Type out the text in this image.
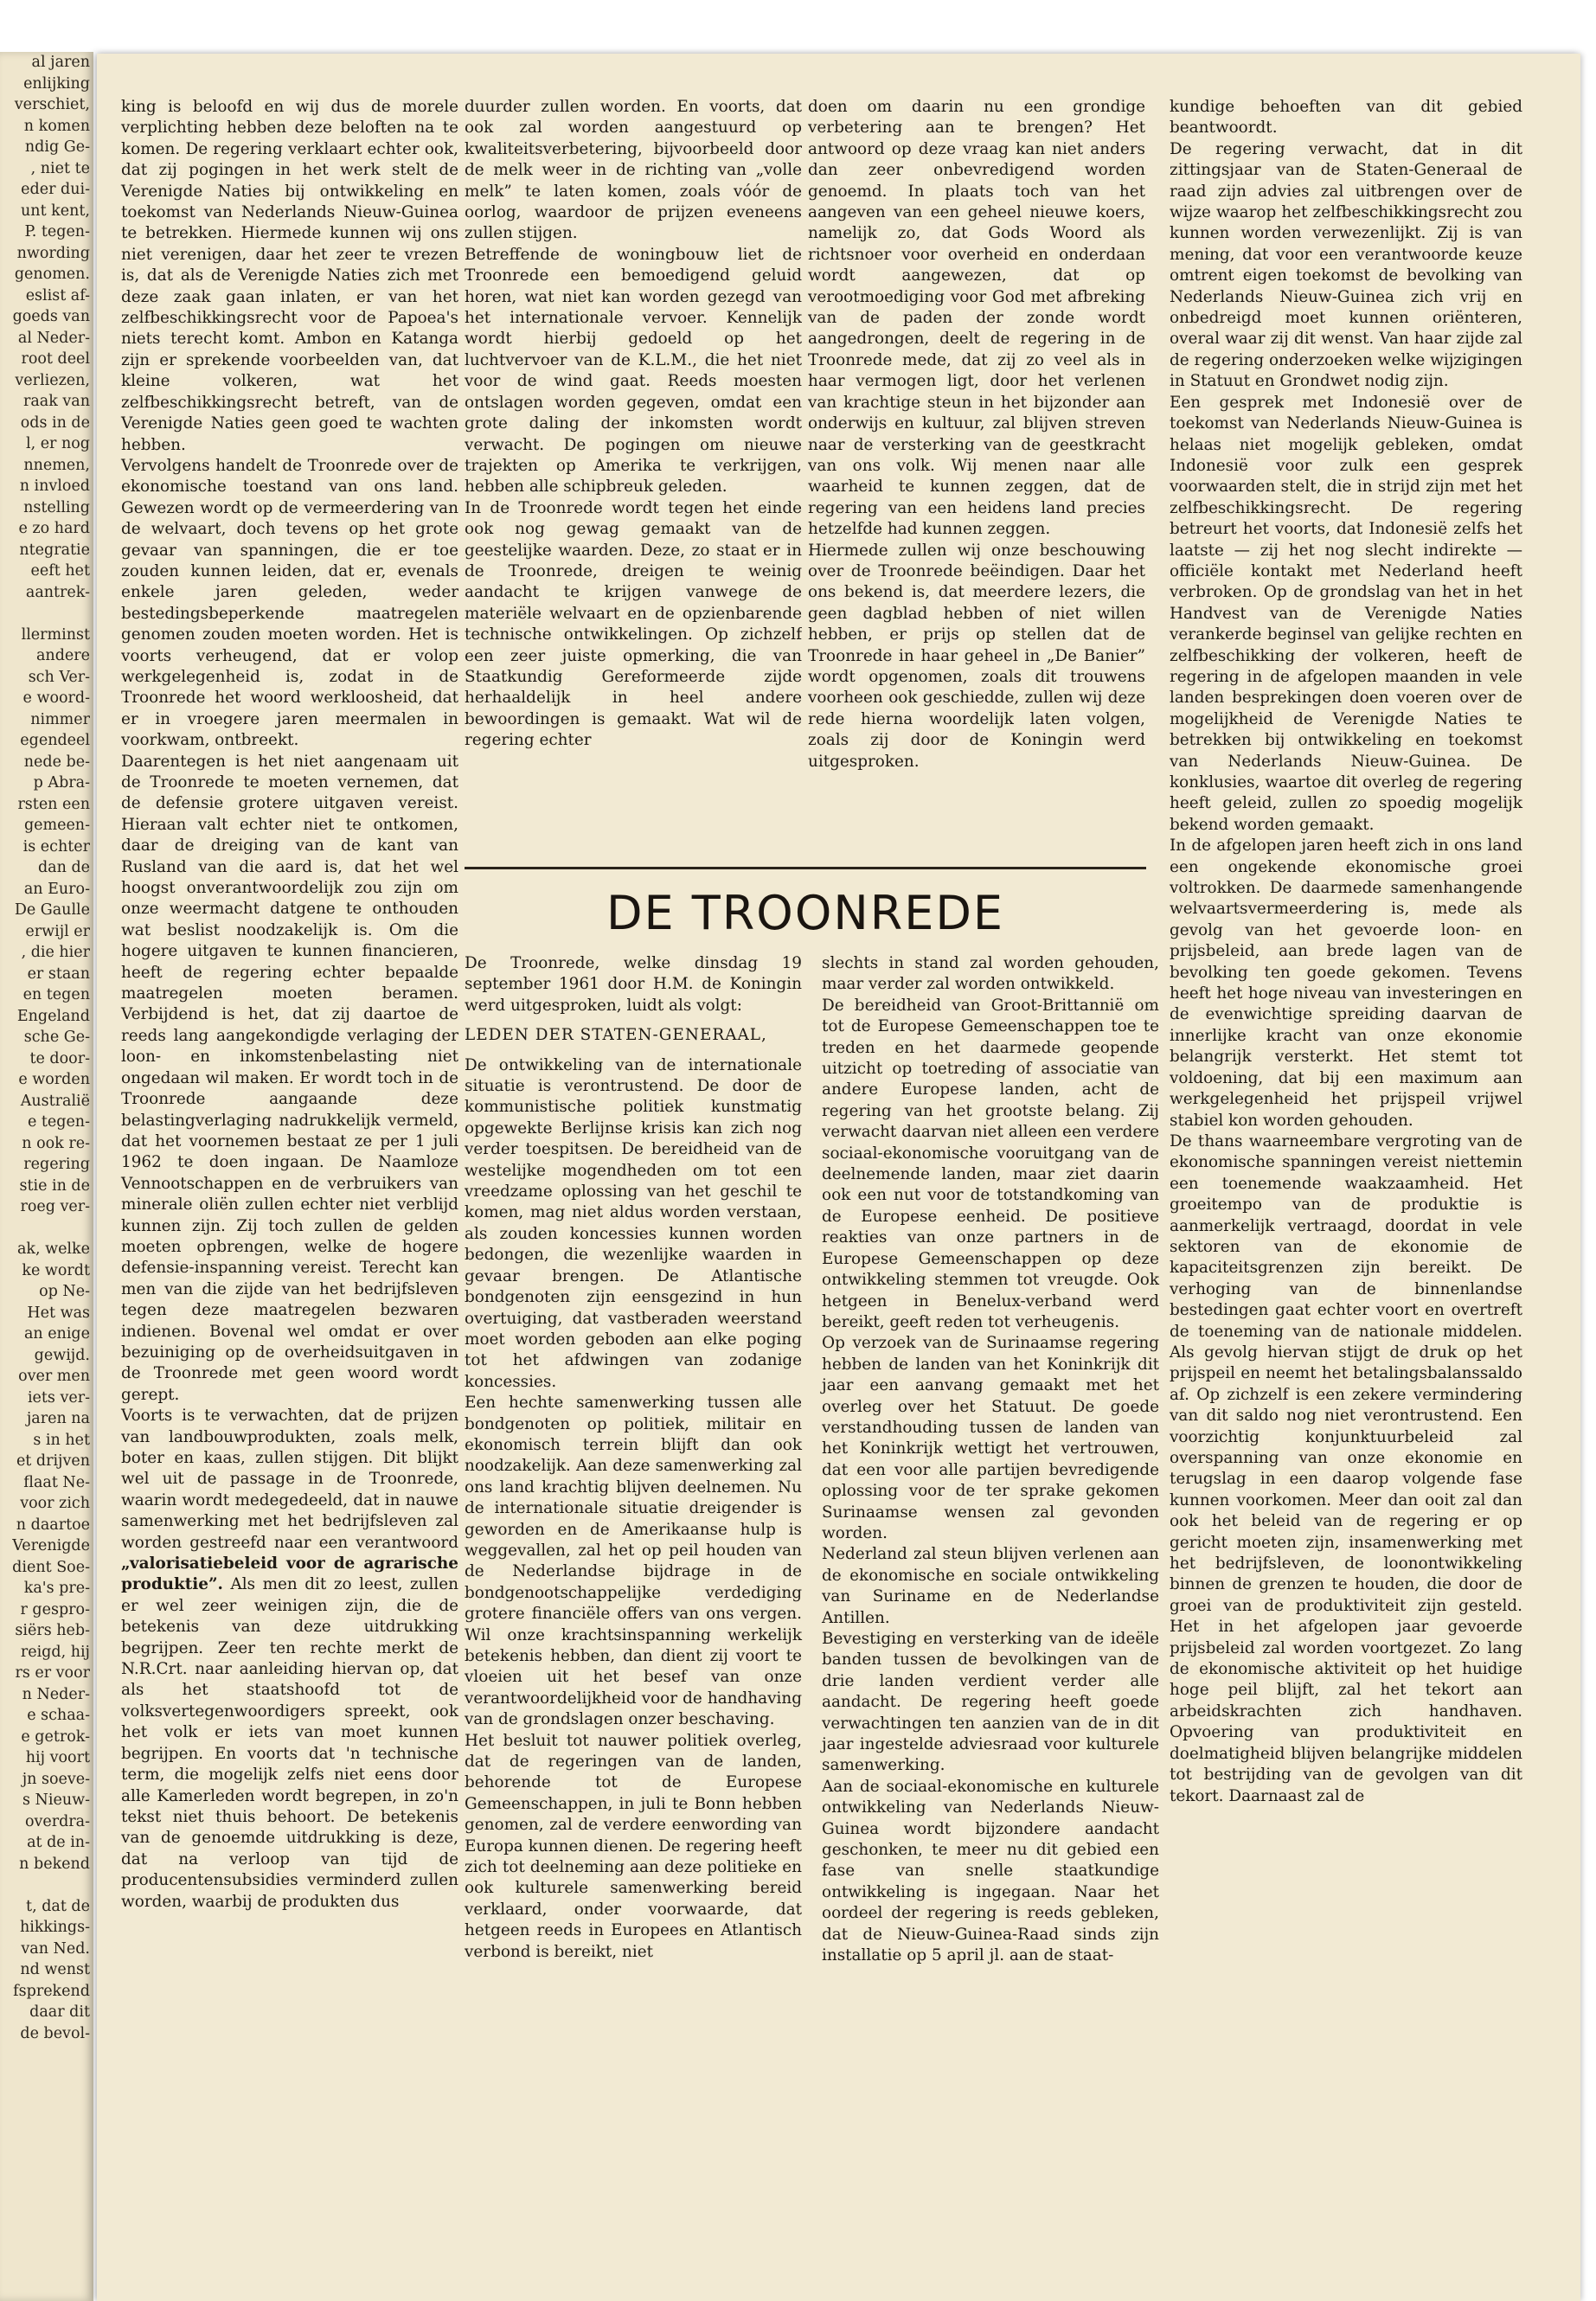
al jaren

enlijking

verschiet,

n komen

ndig Ge-

, niet te

eder dui-

unt kent,

P. tegen-

nwording

genomen.

eslist af-

goeds van

al Neder-

root deel

verliezen,

raak van

ods in de

l, er nog

nnemen,

n invloed

nstelling

e zo hard

ntegratie

eeft het

aantrek-

llerminst

andere

sch Ver-

e woord-

nimmer

egendeel

nede be-

p Abra-

rsten een

gemeen-

is echter

dan de

an Euro-

De Gaulle

erwijl er

, die hier

er staan

en tegen

Engeland

sche Ge-

te door-

e worden

Australië

e tegen-

n ook re-

regering

stie in de

roeg ver-

ak, welke

ke wordt

op Ne-

Het was

an enige

gewijd.

over men

iets ver-

jaren na

s in het

et drijven

flaat Ne-

voor zich

n daartoe

Verenigde

dient Soe-

ka's pre-

r gespro-

siërs heb-

reigd, hij

rs er voor

n Neder-

e schaa-

e getrok-

hij voort

jn soeve-

s Nieuw-

overdra-

at de in-

n bekend

t, dat de

hikkings-

van Ned.

nd wenst

fsprekend

daar dit

de bevol-

king is beloofd en wij dus de morele verplichting hebben deze beloften na te komen. De regering verklaart echter ook, dat zij pogingen in het werk stelt de Verenigde Naties bij ontwikkeling en toekomst van Nederlands Nieuw-Guinea te betrekken. Hiermede kunnen wij ons niet verenigen, daar het zeer te vrezen is, dat als de Verenigde Naties zich met deze zaak gaan inlaten, er van het zelfbeschikkingsrecht voor de Papoea's niets terecht komt. Ambon en Katanga zijn er sprekende voorbeelden van, dat kleine volkeren, wat het zelfbeschikkingsrecht betreft, van de Verenigde Naties geen goed te wachten hebben.

Vervolgens handelt de Troonrede over de ekonomische toestand van ons land. Gewezen wordt op de vermeerdering van de welvaart, doch tevens op het grote gevaar van spanningen, die er toe zouden kunnen leiden, dat er, evenals enkele jaren geleden, weder bestedingsbeperkende maatregelen genomen zouden moeten worden. Het is voorts verheugend, dat er volop werkgelegenheid is, zodat in de Troonrede het woord werkloosheid, dat er in vroegere jaren meermalen in voorkwam, ontbreekt.

Daarentegen is het niet aangenaam uit de Troonrede te moeten vernemen, dat de defensie grotere uitgaven vereist. Hieraan valt echter niet te ontkomen, daar de dreiging van de kant van Rusland van die aard is, dat het wel hoogst onverantwoordelijk zou zijn om onze weermacht datgene te onthouden wat beslist noodzakelijk is. Om die hogere uitgaven te kunnen financieren, heeft de regering echter bepaalde maatregelen moeten beramen. Verbijdend is het, dat zij daartoe de reeds lang aangekondigde verlaging der loon- en inkomstenbelasting niet ongedaan wil maken. Er wordt toch in de Troonrede aangaande deze belastingverlaging nadrukkelijk vermeld, dat het voornemen bestaat ze per 1 juli 1962 te doen ingaan. De Naamloze Vennootschappen en de verbruikers van minerale oliën zullen echter niet verblijd kunnen zijn. Zij toch zullen de gelden moeten opbrengen, welke de hogere defensie-inspanning vereist. Terecht kan men van die zijde van het bedrijfsleven tegen deze maatregelen bezwaren indienen. Bovenal wel omdat er over bezuiniging op de overheidsuitgaven in de Troonrede met geen woord wordt gerept.

Voorts is te verwachten, dat de prijzen van landbouwprodukten, zoals melk, boter en kaas, zullen stijgen. Dit blijkt wel uit de passage in de Troonrede, waarin wordt medegedeeld, dat in nauwe samenwerking met het bedrijfsleven zal worden gestreefd naar een verantwoord „valorisatiebeleid voor de agrarische produktie”. Als men dit zo leest, zullen er wel zeer weinigen zijn, die de betekenis van deze uitdrukking begrijpen. Zeer ten rechte merkt de N.R.Crt. naar aanleiding hiervan op, dat als het staatshoofd tot de volksvertegenwoordigers spreekt, ook het volk er iets van moet kunnen begrijpen. En voorts dat 'n technische term, die mogelijk zelfs niet eens door alle Kamerleden wordt begrepen, in zo'n tekst niet thuis behoort. De betekenis van de genoemde uitdrukking is deze, dat na verloop van tijd de producentensubsidies verminderd zullen worden, waarbij de produkten dus

duurder zullen worden. En voorts, dat ook zal worden aangestuurd op kwaliteitsverbetering, bijvoorbeeld door de melk weer in de richting van „volle melk” te laten komen, zoals vóór de oorlog, waardoor de prijzen eveneens zullen stijgen.

Betreffende de woningbouw liet de Troonrede een bemoedigend geluid horen, wat niet kan worden gezegd van het internationale vervoer. Kennelijk wordt hierbij gedoeld op het luchtvervoer van de K.L.M., die het niet voor de wind gaat. Reeds moesten ontslagen worden gegeven, omdat een grote daling der inkomsten wordt verwacht. De pogingen om nieuwe trajekten op Amerika te verkrijgen, hebben alle schipbreuk geleden.

In de Troonrede wordt tegen het einde ook nog gewag gemaakt van de geestelijke waarden. Deze, zo staat er in de Troonrede, dreigen te weinig aandacht te krijgen vanwege de materiële welvaart en de opzienbarende technische ontwikkelingen. Op zichzelf een zeer juiste opmerking, die van Staatkundig Gereformeerde zijde herhaaldelijk in heel andere bewoordingen is gemaakt. Wat wil de regering echter

doen om daarin nu een grondige verbetering aan te brengen? Het antwoord op deze vraag kan niet anders dan zeer onbevredigend worden genoemd. In plaats toch van het aangeven van een geheel nieuwe koers, namelijk zo, dat Gods Woord als richtsnoer voor overheid en onderdaan wordt aangewezen, dat op verootmoediging voor God met afbreking van de paden der zonde wordt aangedrongen, deelt de regering in de Troonrede mede, dat zij zo veel als in haar vermogen ligt, door het verlenen van krachtige steun in het bijzonder aan onderwijs en kultuur, zal blijven streven naar de versterking van de geestkracht van ons volk. Wij menen naar alle waarheid te kunnen zeggen, dat de regering van een heidens land precies hetzelfde had kunnen zeggen.

Hiermede zullen wij onze beschouwing over de Troonrede beëindigen. Daar het ons bekend is, dat meerdere lezers, die geen dagblad hebben of niet willen hebben, er prijs op stellen dat de Troonrede in haar geheel in „De Banier” wordt opgenomen, zoals dit trouwens voorheen ook geschiedde, zullen wij deze rede hierna woordelijk laten volgen, zoals zij door de Koningin werd uitgesproken.

kundige behoeften van dit gebied beantwoordt.

De regering verwacht, dat in dit zittingsjaar van de Staten-Generaal de raad zijn advies zal uitbrengen over de wijze waarop het zelfbeschikkingsrecht zou kunnen worden verwezenlijkt. Zij is van mening, dat voor een verantwoorde keuze omtrent eigen toekomst de bevolking van Nederlands Nieuw-Guinea zich vrij en onbedreigd moet kunnen oriënteren, overal waar zij dit wenst. Van haar zijde zal de regering onderzoeken welke wijzigingen in Statuut en Grondwet nodig zijn.

Een gesprek met Indonesië over de toekomst van Nederlands Nieuw-Guinea is helaas niet mogelijk gebleken, omdat Indonesië voor zulk een gesprek voorwaarden stelt, die in strijd zijn met het zelfbeschikkingsrecht. De regering betreurt het voorts, dat Indonesië zelfs het laatste — zij het nog slecht indirekte — officiële kontakt met Nederland heeft verbroken. Op de grondslag van het in het Handvest van de Verenigde Naties verankerde beginsel van gelijke rechten en zelfbeschikking der volkeren, heeft de regering in de afgelopen maanden in vele landen besprekingen doen voeren over de mogelijkheid de Verenigde Naties te betrekken bij ontwikkeling en toekomst van Nederlands Nieuw-Guinea. De konklusies, waartoe dit overleg de regering heeft geleid, zullen zo spoedig mogelijk bekend worden gemaakt.

In de afgelopen jaren heeft zich in ons land een ongekende ekonomische groei voltrokken. De daarmede samenhangende welvaartsvermeerdering is, mede als gevolg van het gevoerde loon- en prijsbeleid, aan brede lagen van de bevolking ten goede gekomen. Tevens heeft het hoge niveau van investeringen en de evenwichtige spreiding daarvan de innerlijke kracht van onze ekonomie belangrijk versterkt. Het stemt tot voldoening, dat bij een maximum aan werkgelegenheid het prijspeil vrijwel stabiel kon worden gehouden.

De thans waarneembare vergroting van de ekonomische spanningen vereist niettemin een toenemende waakzaamheid. Het groeitempo van de produktie is aanmerkelijk vertraagd, doordat in vele sektoren van de ekonomie de kapaciteitsgrenzen zijn bereikt. De verhoging van de binnenlandse bestedingen gaat echter voort en overtreft de toeneming van de nationale middelen. Als gevolg hiervan stijgt de druk op het prijspeil en neemt het betalingsbalanssaldo af. Op zichzelf is een zekere vermindering van dit saldo nog niet verontrustend. Een voorzichtig konjunktuurbeleid zal overspanning van onze ekonomie en terugslag in een daarop volgende fase kunnen voorkomen. Meer dan ooit zal dan ook het beleid van de regering er op gericht moeten zijn, insamenwerking met het bedrijfsleven, de loonontwikkeling binnen de grenzen te houden, die door de groei van de produktiviteit zijn gesteld. Het in het afgelopen jaar gevoerde prijsbeleid zal worden voortgezet. Zo lang de ekonomische aktiviteit op het huidige hoge peil blijft, zal het tekort aan arbeidskrachten zich handhaven. Opvoering van produktiviteit en doelmatigheid blijven belangrijke middelen tot bestrijding van de gevolgen van dit tekort. Daarnaast zal de

DE TROONREDE

De Troonrede, welke dinsdag 19 september 1961 door H.M. de Koningin werd uitgesproken, luidt als volgt:

LEDEN DER STATEN-GENERAAL,

De ontwikkeling van de internationale situatie is verontrustend. De door de kommunistische politiek kunstmatig opgewekte Berlijnse krisis kan zich nog verder toespitsen. De bereidheid van de westelijke mogendheden om tot een vreedzame oplossing van het geschil te komen, mag niet aldus worden verstaan, als zouden koncessies kunnen worden bedongen, die wezenlijke waarden in gevaar brengen. De Atlantische bondgenoten zijn eensgezind in hun overtuiging, dat vastberaden weerstand moet worden geboden aan elke poging tot het afdwingen van zodanige koncessies.

Een hechte samenwerking tussen alle bondgenoten op politiek, militair en ekonomisch terrein blijft dan ook noodzakelijk. Aan deze samenwerking zal ons land krachtig blijven deelnemen. Nu de internationale situatie dreigender is geworden en de Amerikaanse hulp is weggevallen, zal het op peil houden van de Nederlandse bijdrage in de bondgenootschappelijke verdediging grotere financiële offers van ons vergen. Wil onze krachtsinspanning werkelijk betekenis hebben, dan dient zij voort te vloeien uit het besef van onze verantwoordelijkheid voor de handhaving van de grondslagen onzer beschaving.

Het besluit tot nauwer politiek overleg, dat de regeringen van de landen, behorende tot de Europese Gemeenschappen, in juli te Bonn hebben genomen, zal de verdere eenwording van Europa kunnen dienen. De regering heeft zich tot deelneming aan deze politieke en ook kulturele samenwerking bereid verklaard, onder voorwaarde, dat hetgeen reeds in Europees en Atlantisch verbond is bereikt, niet

slechts in stand zal worden gehouden, maar verder zal worden ontwikkeld.

De bereidheid van Groot-Brittannië om tot de Europese Gemeenschappen toe te treden en het daarmede geopende uitzicht op toetreding of associatie van andere Europese landen, acht de regering van het grootste belang. Zij verwacht daarvan niet alleen een verdere sociaal-ekonomische vooruitgang van de deelnemende landen, maar ziet daarin ook een nut voor de totstandkoming van de Europese eenheid. De positieve reakties van onze partners in de Europese Gemeenschappen op deze ontwikkeling stemmen tot vreugde. Ook hetgeen in Benelux-verband werd bereikt, geeft reden tot verheugenis.

Op verzoek van de Surinaamse regering hebben de landen van het Koninkrijk dit jaar een aanvang gemaakt met het overleg over het Statuut. De goede verstandhouding tussen de landen van het Koninkrijk wettigt het vertrouwen, dat een voor alle partijen bevredigende oplossing voor de ter sprake gekomen Surinaamse wensen zal gevonden worden.

Nederland zal steun blijven verlenen aan de ekonomische en sociale ontwikkeling van Suriname en de Nederlandse Antillen.

Bevestiging en versterking van de ideële banden tussen de bevolkingen van de drie landen verdient verder alle aandacht. De regering heeft goede verwachtingen ten aanzien van de in dit jaar ingestelde adviesraad voor kulturele samenwerking.

Aan de sociaal-ekonomische en kulturele ontwikkeling van Nederlands Nieuw-Guinea wordt bijzondere aandacht geschonken, te meer nu dit gebied een fase van snelle staatkundige ontwikkeling is ingegaan. Naar het oordeel der regering is reeds gebleken, dat de Nieuw-Guinea-Raad sinds zijn installatie op 5 april jl. aan de staat-
